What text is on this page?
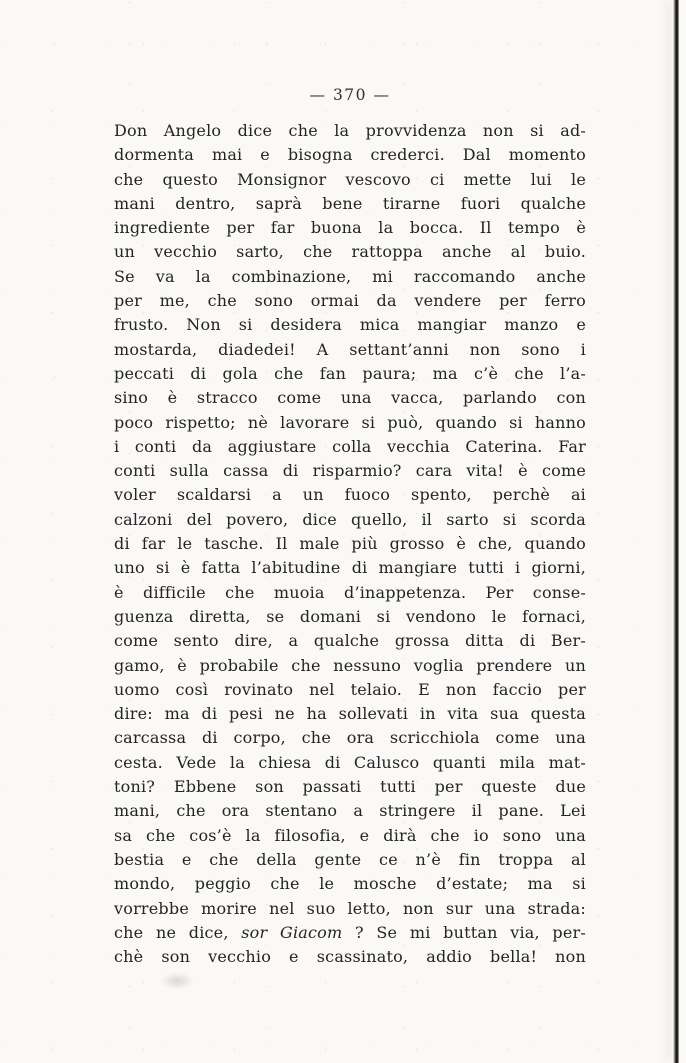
— 370 —
Don Angelo dice che la provvidenza non si ad-
dormenta mai e bisogna crederci. Dal momento
che questo Monsignor vescovo ci mette lui le
mani dentro, saprà bene tirarne fuori qualche
ingrediente per far buona la bocca. Il tempo è
un vecchio sarto, che rattoppa anche al buio.
Se va la combinazione, mi raccomando anche
per me, che sono ormai da vendere per ferro
frusto. Non si desidera mica mangiar manzo e
mostarda, diadedei! A settant’anni non sono i
peccati di gola che fan paura; ma c’è che l’a-
sino è stracco come una vacca, parlando con
poco rispetto; nè lavorare si può, quando si hanno
i conti da aggiustare colla vecchia Caterina. Far
conti sulla cassa di risparmio? cara vita! è come
voler scaldarsi a un fuoco spento, perchè ai
calzoni del povero, dice quello, il sarto si scorda
di far le tasche. Il male più grosso è che, quando
uno si è fatta l’abitudine di mangiare tutti i giorni,
è difficile che muoia d’inappetenza. Per conse-
guenza diretta, se domani si vendono le fornaci,
come sento dire, a qualche grossa ditta di Ber-
gamo, è probabile che nessuno voglia prendere un
uomo così rovinato nel telaio. E non faccio per
dire: ma di pesi ne ha sollevati in vita sua questa
carcassa di corpo, che ora scricchiola come una
cesta. Vede la chiesa di Calusco quanti mila mat-
toni? Ebbene son passati tutti per queste due
mani, che ora stentano a stringere il pane. Lei
sa che cos’è la filosofia, e dirà che io sono una
bestia e che della gente ce n’è fin troppa al
mondo, peggio che le mosche d’estate; ma si
vorrebbe morire nel suo letto, non sur una strada:
che ne dice, sor Giacom ? Se mi buttan via, per-
chè son vecchio e scassinato, addio bella! non
